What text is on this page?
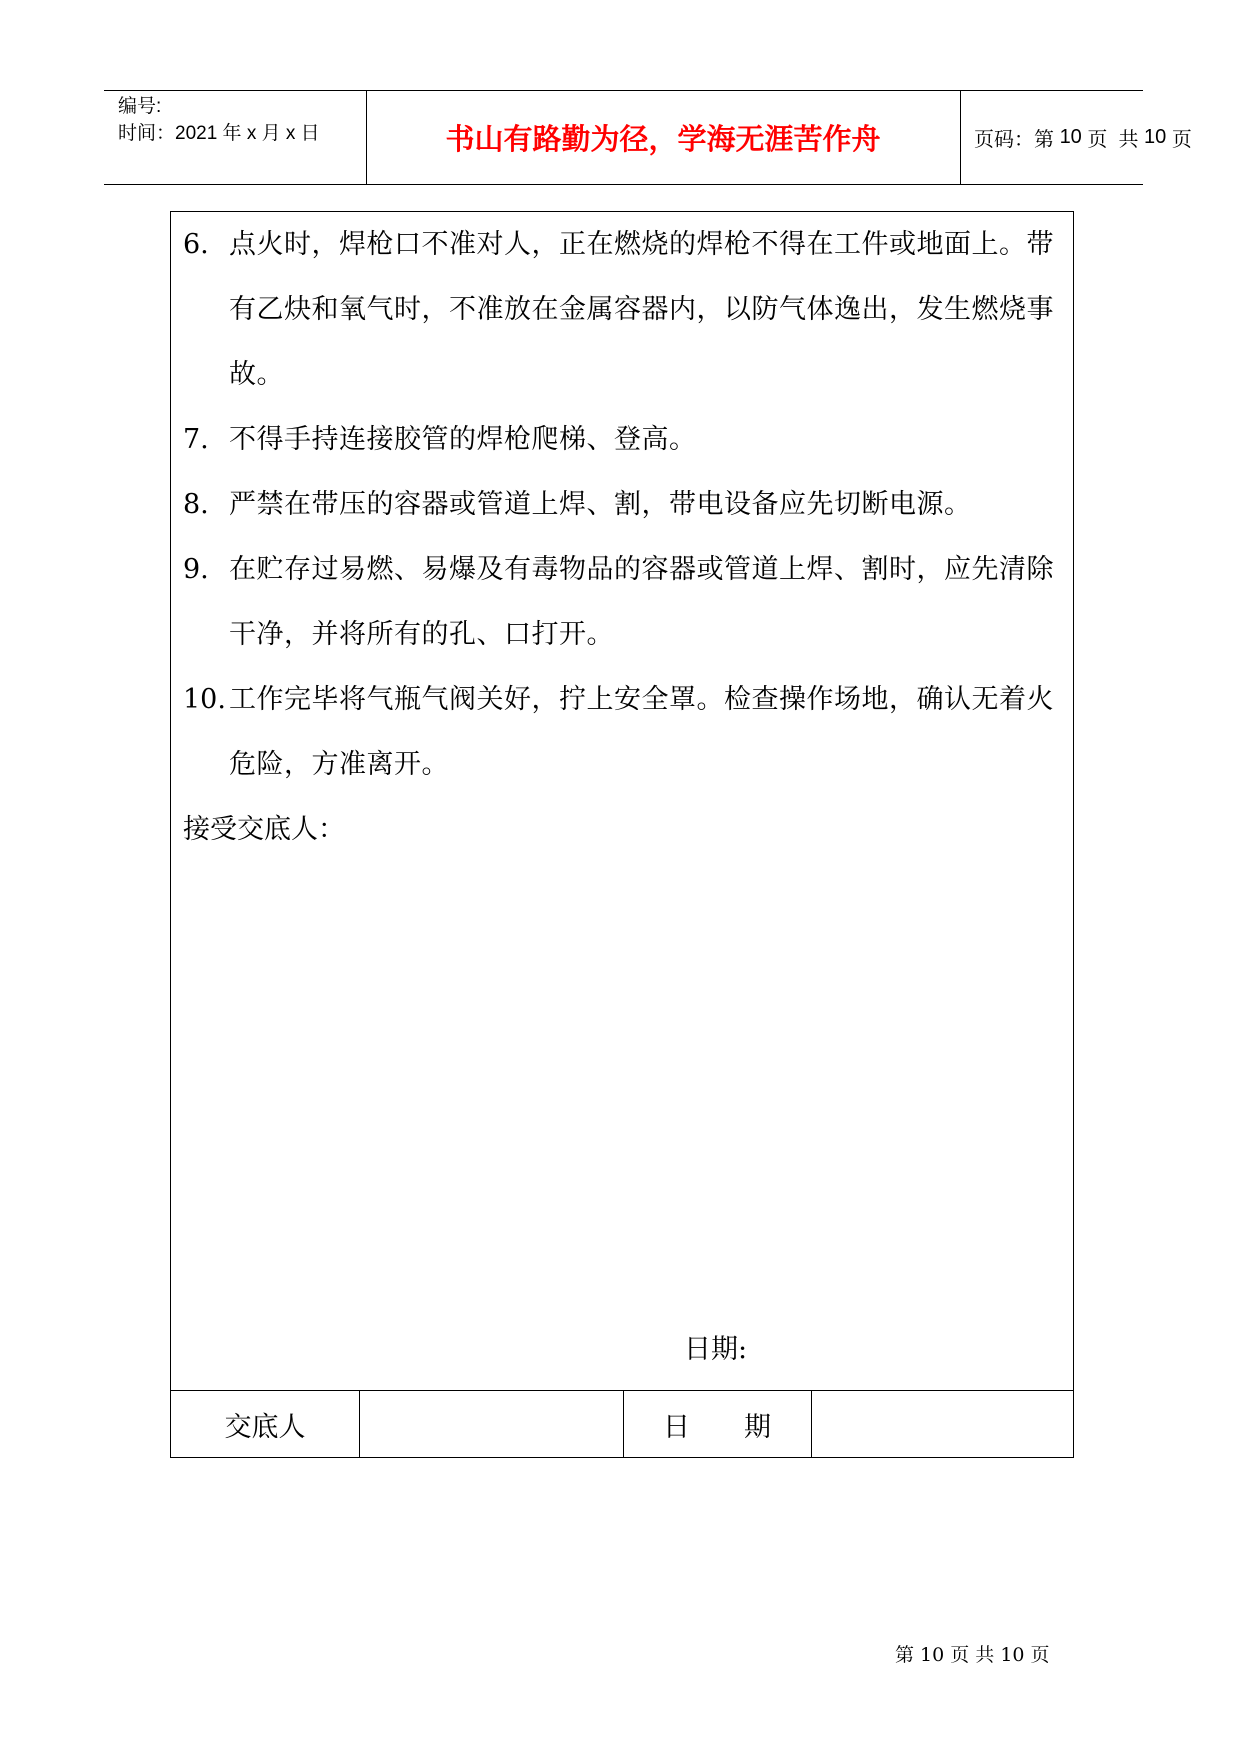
编号:
时间：2021 年 x 月 x 日	书山有路勤为径，学海无涯苦作舟	页码：第 10 页  共 10 页
6. 点火时，焊枪口不准对人，正在燃烧的焊枪不得在工件或地面上。带有乙炔和氧气时，不准放在金属容器内，以防气体逸出，发生燃烧事故。
7. 不得手持连接胶管的焊枪爬梯、登高。
8. 严禁在带压的容器或管道上焊、割，带电设备应先切断电源。
9. 在贮存过易燃、易爆及有毒物品的容器或管道上焊、割时，应先清除干净，并将所有的孔、口打开。
10. 工作完毕将气瓶气阀关好，拧上安全罩。检查操作场地，确认无着火危险，方准离开。
接受交底人：
日期:
交底人	日　　期
第 10 页 共 10 页
